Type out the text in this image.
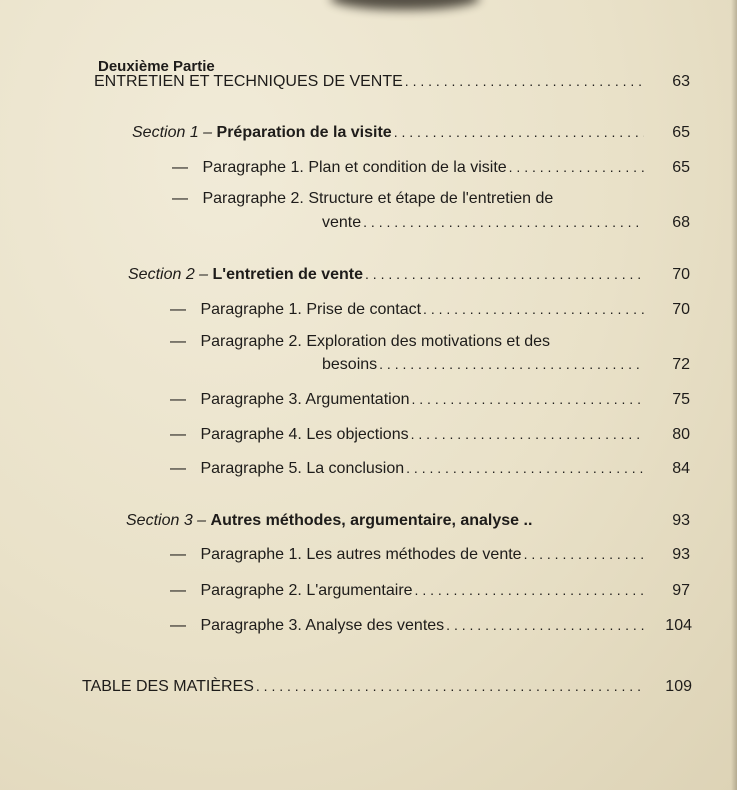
Deuxième Partie
ENTRETIEN ET TECHNIQUES DE VENTE . . .	63
Section 1 – Préparation de la visite . . .	65
— Paragraphe 1. Plan et condition de la visite . . .	65
— Paragraphe 2. Structure et étape de l'entretien de
vente . . .	68
Section 2 – L'entretien de vente . . .	70
— Paragraphe 1. Prise de contact . . .	70
— Paragraphe 2. Exploration des motivations et des
besoins . . .	72
— Paragraphe 3. Argumentation . . .	75
— Paragraphe 4. Les objections . . .	80
— Paragraphe 5. La conclusion . . .	84
Section 3 – Autres méthodes, argumentaire, analyse ..	93
— Paragraphe 1. Les autres méthodes de vente . . .	93
— Paragraphe 2. L'argumentaire . . .	97
— Paragraphe 3. Analyse des ventes . . .	104
TABLE DES MATIÈRES . . .	109
